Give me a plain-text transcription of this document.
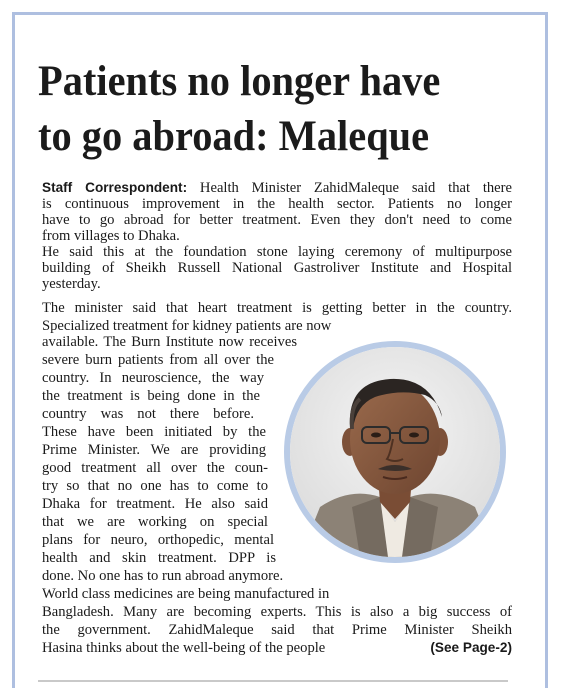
Patients no longer have
to go abroad: Maleque
Staff Correspondent: Health Minister ZahidMaleque said that there
is continuous improvement in the health sector. Patients no longer
have to go abroad for better treatment. Even they don't need to come
from villages to Dhaka.
He said this at the foundation stone laying ceremony of multipurpose
building of Sheikh Russell National Gastroliver Institute and Hospital
yesterday.
The minister said that heart treatment is getting better in the country.
Specialized treatment for kidney patients are now
available. The Burn Institute now receives
severe burn patients from all over the
country. In neuroscience, the way
the treatment is being done in the
country was not there before.
These have been initiated by the
Prime Minister. We are providing
good treatment all over the coun-
try so that no one has to come to
Dhaka for treatment. He also said
that we are working on special
plans for neuro, orthopedic, mental
health and skin treatment. DPP is
done. No one has to run abroad anymore.
World class medicines are being manufactured in
Bangladesh. Many are becoming experts. This is also a big success of
the government. ZahidMaleque said that Prime Minister Sheikh
Hasina thinks about the well-being of the people	(See Page-2)
